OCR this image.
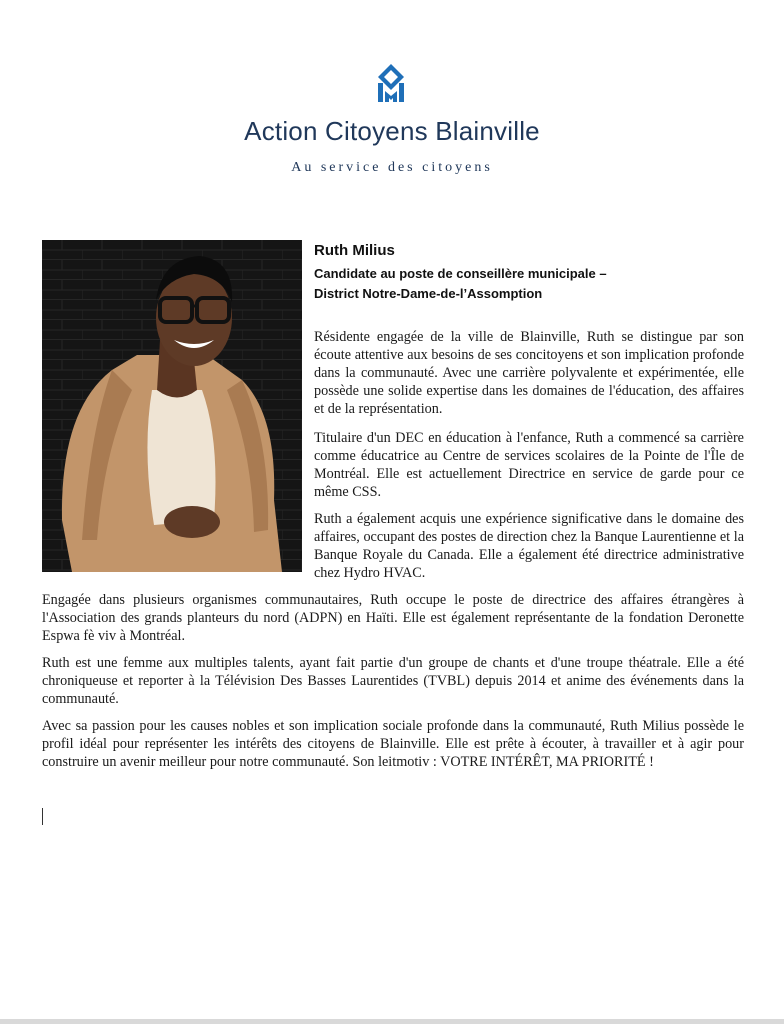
Action Citoyens Blainville
Au service des citoyens
Ruth Milius
Candidate au poste de conseillère municipale –
District Notre-Dame-de-l’Assomption

Résidente engagée de la ville de Blainville, Ruth se distingue par son écoute attentive aux besoins de ses concitoyens et son implication profonde dans la communauté. Avec une carrière polyvalente et expérimentée, elle possède une solide expertise dans les domaines de l'éducation, des affaires et de la représentation.

Titulaire d'un DEC en éducation à l'enfance, Ruth a commencé sa carrière comme éducatrice au Centre de services scolaires de la Pointe de l'Île de Montréal. Elle est actuellement Directrice en service de garde pour ce même CSS.

Ruth a également acquis une expérience significative dans le domaine des affaires, occupant des postes de direction chez la Banque Laurentienne et la Banque Royale du Canada. Elle a également été directrice administrative chez Hydro HVAC.

Engagée dans plusieurs organismes communautaires, Ruth occupe le poste de directrice des affaires étrangères à l'Association des grands planteurs du nord (ADPN) en Haïti. Elle est également représentante de la fondation Deronette Espwa fè viv à Montréal.

Ruth est une femme aux multiples talents, ayant fait partie d'un groupe de chants et d'une troupe théatrale. Elle a été chroniqueuse et reporter à la Télévision Des Basses Laurentides (TVBL) depuis 2014 et anime des événements dans la communauté.

Avec sa passion pour les causes nobles et son implication sociale profonde dans la communauté, Ruth Milius possède le profil idéal pour représenter les intérêts des citoyens de Blainville. Elle est prête à écouter, à travailler et à agir pour construire un avenir meilleur pour notre communauté. Son leitmotiv : VOTRE INTÉRÊT, MA PRIORITÉ !
